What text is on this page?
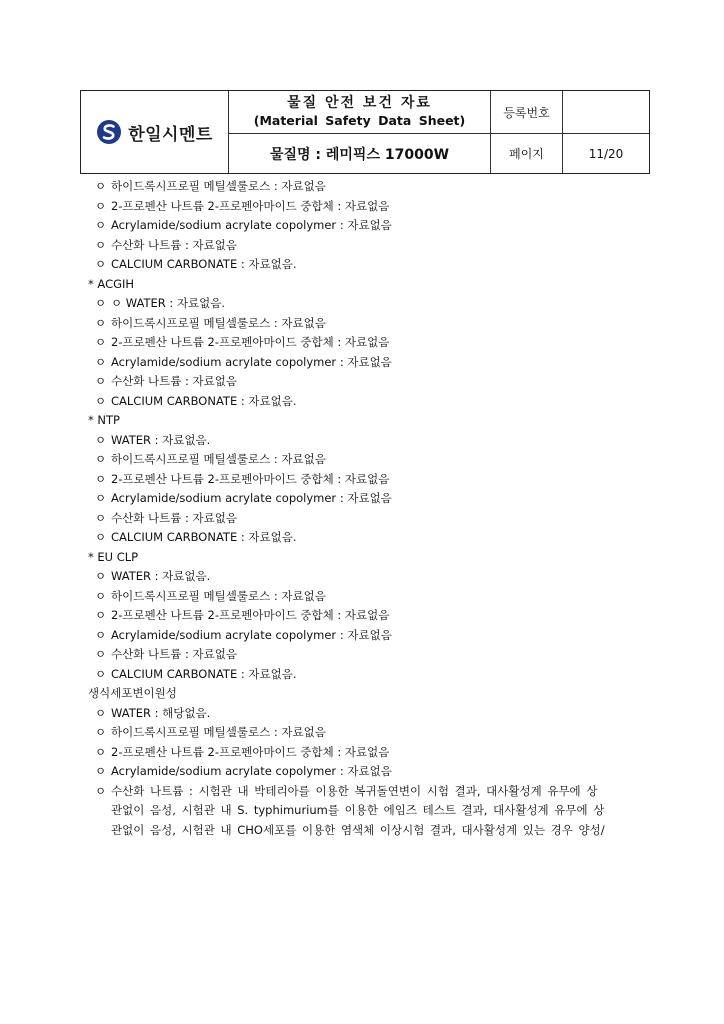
한일시멘트
물질 안전 보건 자료
(Material Safety Data Sheet)
물질명 : 레미픽스 17000W
등록번호
페이지	11/20
ㅇ 하이드록시프로필 메틸셀룰로스 : 자료없음
ㅇ 2-프로펜산 나트륨 2-프로펜아마이드 중합체 : 자료없음
ㅇ Acrylamide/sodium acrylate copolymer : 자료없음
ㅇ 수산화 나트륨 : 자료없음
ㅇ CALCIUM CARBONATE : 자료없음.
* ACGIH
ㅇ ㅇ WATER : 자료없음.
ㅇ 하이드록시프로필 메틸셀룰로스 : 자료없음
ㅇ 2-프로펜산 나트륨 2-프로펜아마이드 중합체 : 자료없음
ㅇ Acrylamide/sodium acrylate copolymer : 자료없음
ㅇ 수산화 나트륨 : 자료없음
ㅇ CALCIUM CARBONATE : 자료없음.
* NTP
ㅇ WATER : 자료없음.
ㅇ 하이드록시프로필 메틸셀룰로스 : 자료없음
ㅇ 2-프로펜산 나트륨 2-프로펜아마이드 중합체 : 자료없음
ㅇ Acrylamide/sodium acrylate copolymer : 자료없음
ㅇ 수산화 나트륨 : 자료없음
ㅇ CALCIUM CARBONATE : 자료없음.
* EU CLP
ㅇ WATER : 자료없음.
ㅇ 하이드록시프로필 메틸셀룰로스 : 자료없음
ㅇ 2-프로펜산 나트륨 2-프로펜아마이드 중합체 : 자료없음
ㅇ Acrylamide/sodium acrylate copolymer : 자료없음
ㅇ 수산화 나트륨 : 자료없음
ㅇ CALCIUM CARBONATE : 자료없음.
생식세포변이원성
ㅇ WATER : 해당없음.
ㅇ 하이드록시프로필 메틸셀룰로스 : 자료없음
ㅇ 2-프로펜산 나트륨 2-프로펜아마이드 중합체 : 자료없음
ㅇ Acrylamide/sodium acrylate copolymer : 자료없음
ㅇ 수산화 나트륨 : 시험관 내 박테리아를 이용한 복귀돌연변이 시험 결과, 대사활성계 유무에 상
관없이 음성, 시험관 내 S. typhimurium를 이용한 에임즈 테스트 결과, 대사활성계 유무에 상
관없이 음성, 시험관 내 CHO세포를 이용한 염색체 이상시험 결과, 대사활성계 있는 경우 양성/
